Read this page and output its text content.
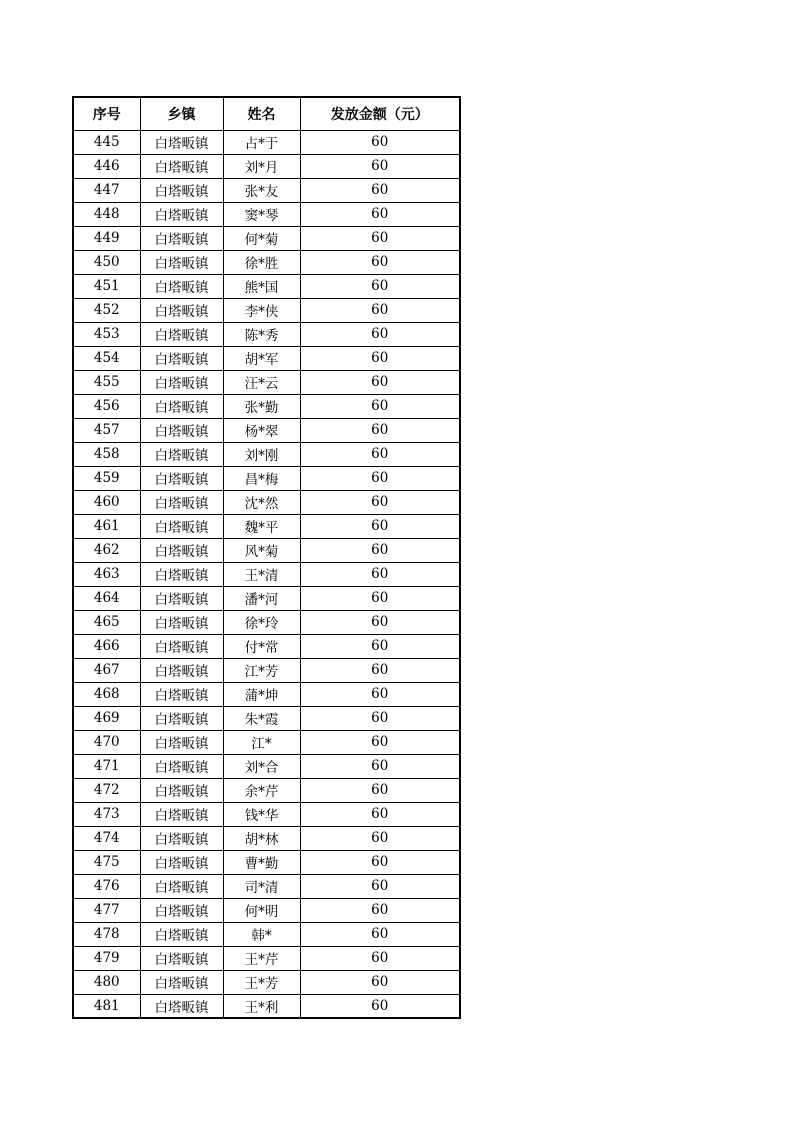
序号	乡镇	姓名	发放金额（元）
445	白塔畈镇	占*于	60
446	白塔畈镇	刘*月	60
447	白塔畈镇	张*友	60
448	白塔畈镇	窦*琴	60
449	白塔畈镇	何*菊	60
450	白塔畈镇	徐*胜	60
451	白塔畈镇	熊*国	60
452	白塔畈镇	李*侠	60
453	白塔畈镇	陈*秀	60
454	白塔畈镇	胡*军	60
455	白塔畈镇	汪*云	60
456	白塔畈镇	张*勤	60
457	白塔畈镇	杨*翠	60
458	白塔畈镇	刘*刚	60
459	白塔畈镇	昌*梅	60
460	白塔畈镇	沈*然	60
461	白塔畈镇	魏*平	60
462	白塔畈镇	风*菊	60
463	白塔畈镇	王*清	60
464	白塔畈镇	潘*河	60
465	白塔畈镇	徐*玲	60
466	白塔畈镇	付*常	60
467	白塔畈镇	江*芳	60
468	白塔畈镇	蒲*坤	60
469	白塔畈镇	朱*霞	60
470	白塔畈镇	江*	60
471	白塔畈镇	刘*合	60
472	白塔畈镇	余*芹	60
473	白塔畈镇	钱*华	60
474	白塔畈镇	胡*林	60
475	白塔畈镇	曹*勤	60
476	白塔畈镇	司*清	60
477	白塔畈镇	何*明	60
478	白塔畈镇	韩*	60
479	白塔畈镇	王*芹	60
480	白塔畈镇	王*芳	60
481	白塔畈镇	王*利	60
